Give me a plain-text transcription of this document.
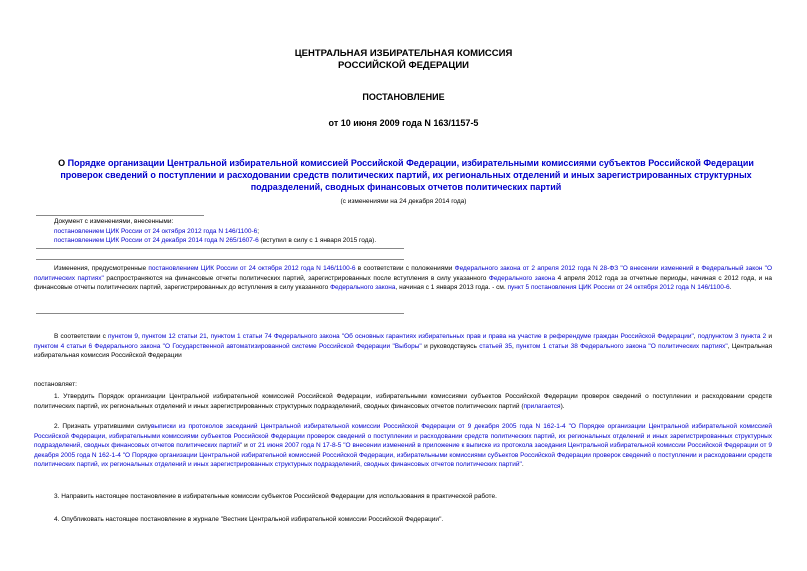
ЦЕНТРАЛЬНАЯ ИЗБИРАТЕЛЬНАЯ КОМИССИЯ
РОССИЙСКОЙ ФЕДЕРАЦИИ
ПОСТАНОВЛЕНИЕ
от 10 июня 2009 года N 163/1157-5
О Порядке организации Центральной избирательной комиссией Российской Федерации, избирательными комиссиями субъектов Российской Федерации проверок сведений о поступлении и расходовании средств политических партий, их региональных отделений и иных зарегистрированных структурных подразделений, сводных финансовых отчетов политических партий
(с изменениями на 24 декабря 2014 года)
Документ с изменениями, внесенными:
постановлением ЦИК России от 24 октября 2012 года N 146/1100-6;
постановлением ЦИК России от 24 декабря 2014 года N 265/1607-6 (вступил в силу с 1 января 2015 года).
Изменения, предусмотренные постановлением ЦИК России от 24 октября 2012 года N 146/1100-6 в соответствии с положениями Федерального закона от 2 апреля 2012 года N 28-ФЗ "О внесении изменений в Федеральный закон "О политических партиях" распространяются на финансовые отчеты политических партий, зарегистрированных после вступления в силу указанного Федерального закона 4 апреля 2012 года за отчетные периоды, начиная с 2012 года, и на финансовые отчеты политических партий, зарегистрированных до вступления в силу указанного Федерального закона, начиная с 1 января 2013 года. - см. пункт 5 постановления ЦИК России от 24 октября 2012 года N 146/1100-6.
В соответствии с пунктом 9, пунктом 12 статьи 21, пунктом 1 статьи 74 Федерального закона "Об основных гарантиях избирательных прав и права на участие в референдуме граждан Российской Федерации", подпунктом 3 пункта 2 и пунктом 4 статьи 6 Федерального закона "О Государственной автоматизированной системе Российской Федерации "Выборы" и руководствуясь статьей 35, пунктом 1 статьи 38 Федерального закона "О политических партиях", Центральная избирательная комиссия Российской Федерации
постановляет:
1. Утвердить Порядок организации Центральной избирательной комиссией Российской Федерации, избирательными комиссиями субъектов Российской Федерации проверок сведений о поступлении и расходовании средств политических партий, их региональных отделений и иных зарегистрированных структурных подразделений, сводных финансовых отчетов политических партий (прилагается).
2. Признать утратившими силувыписки из протоколов заседаний Центральной избирательной комиссии Российской Федерации от 9 декабря 2005 года N 162-1-4 "О Порядке организации Центральной избирательной комиссией Российской Федерации, избирательными комиссиями субъектов Российской Федерации проверок сведений о поступлении и расходовании средств политических партий, их региональных отделений и иных зарегистрированных структурных подразделений, сводных финансовых отчетов политических партий" и от 21 июня 2007 года N 17-8-5 "О внесении изменений в приложение к выписке из протокола заседания Центральной избирательной комиссии Российской Федерации от 9 декабря 2005 года N 162-1-4 "О Порядке организации Центральной избирательной комиссией Российской Федерации, избирательными комиссиями субъектов Российской Федерации проверок сведений о поступлении и расходовании средств политических партий, их региональных отделений и иных зарегистрированных структурных подразделений, сводных финансовых отчетов политических партий".
3. Направить настоящее постановление в избирательные комиссии субъектов Российской Федерации для использования в практической работе.
4. Опубликовать настоящее постановление в журнале "Вестник Центральной избирательной комиссии Российской Федерации".
